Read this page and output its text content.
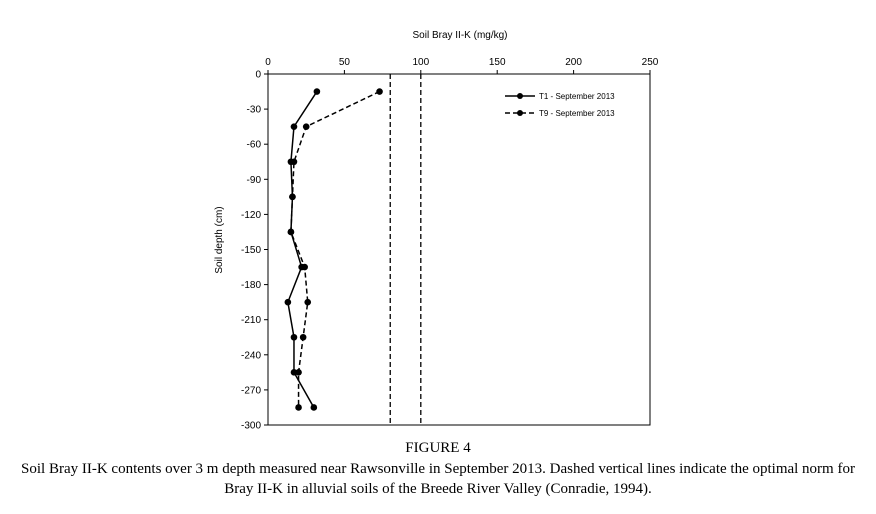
0	50	100	150	200	250
0
-30
-60
-90
-120
-150
-180
-210
-240
-270
-300
Soil Bray II-K (mg/kg)
Soil depth (cm)
T1 - September 2013
T9 - September 2013
FIGURE 4
Soil Bray II-K contents over 3 m depth measured near Rawsonville in September 2013. Dashed vertical lines indicate the optimal norm for Bray II-K in alluvial soils of the Breede River Valley (Conradie, 1994).
